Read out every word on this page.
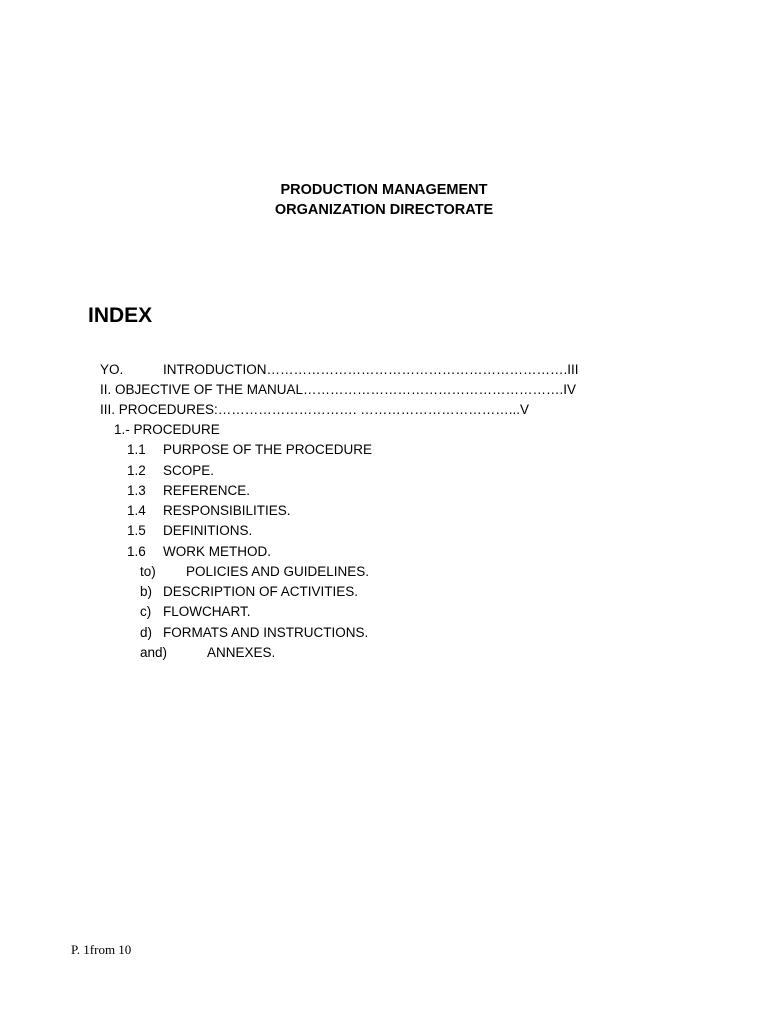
PRODUCTION MANAGEMENT
ORGANIZATION DIRECTORATE
INDEX
YO.	INTRODUCTION………………………………………………………….III
II. OBJECTIVE OF THE MANUAL………………………………………………….IV
III. PROCEDURES:…………………………. ……………………………...V
1.- PROCEDURE
1.1 PURPOSE OF THE PROCEDURE
1.2 SCOPE.
1.3 REFERENCE.
1.4 RESPONSIBILITIES.
1.5 DEFINITIONS.
1.6 WORK METHOD.
to) POLICIES AND GUIDELINES.
b) DESCRIPTION OF ACTIVITIES.
c) FLOWCHART.
d) FORMATS AND INSTRUCTIONS.
and)	ANNEXES.
P. 1from 10
